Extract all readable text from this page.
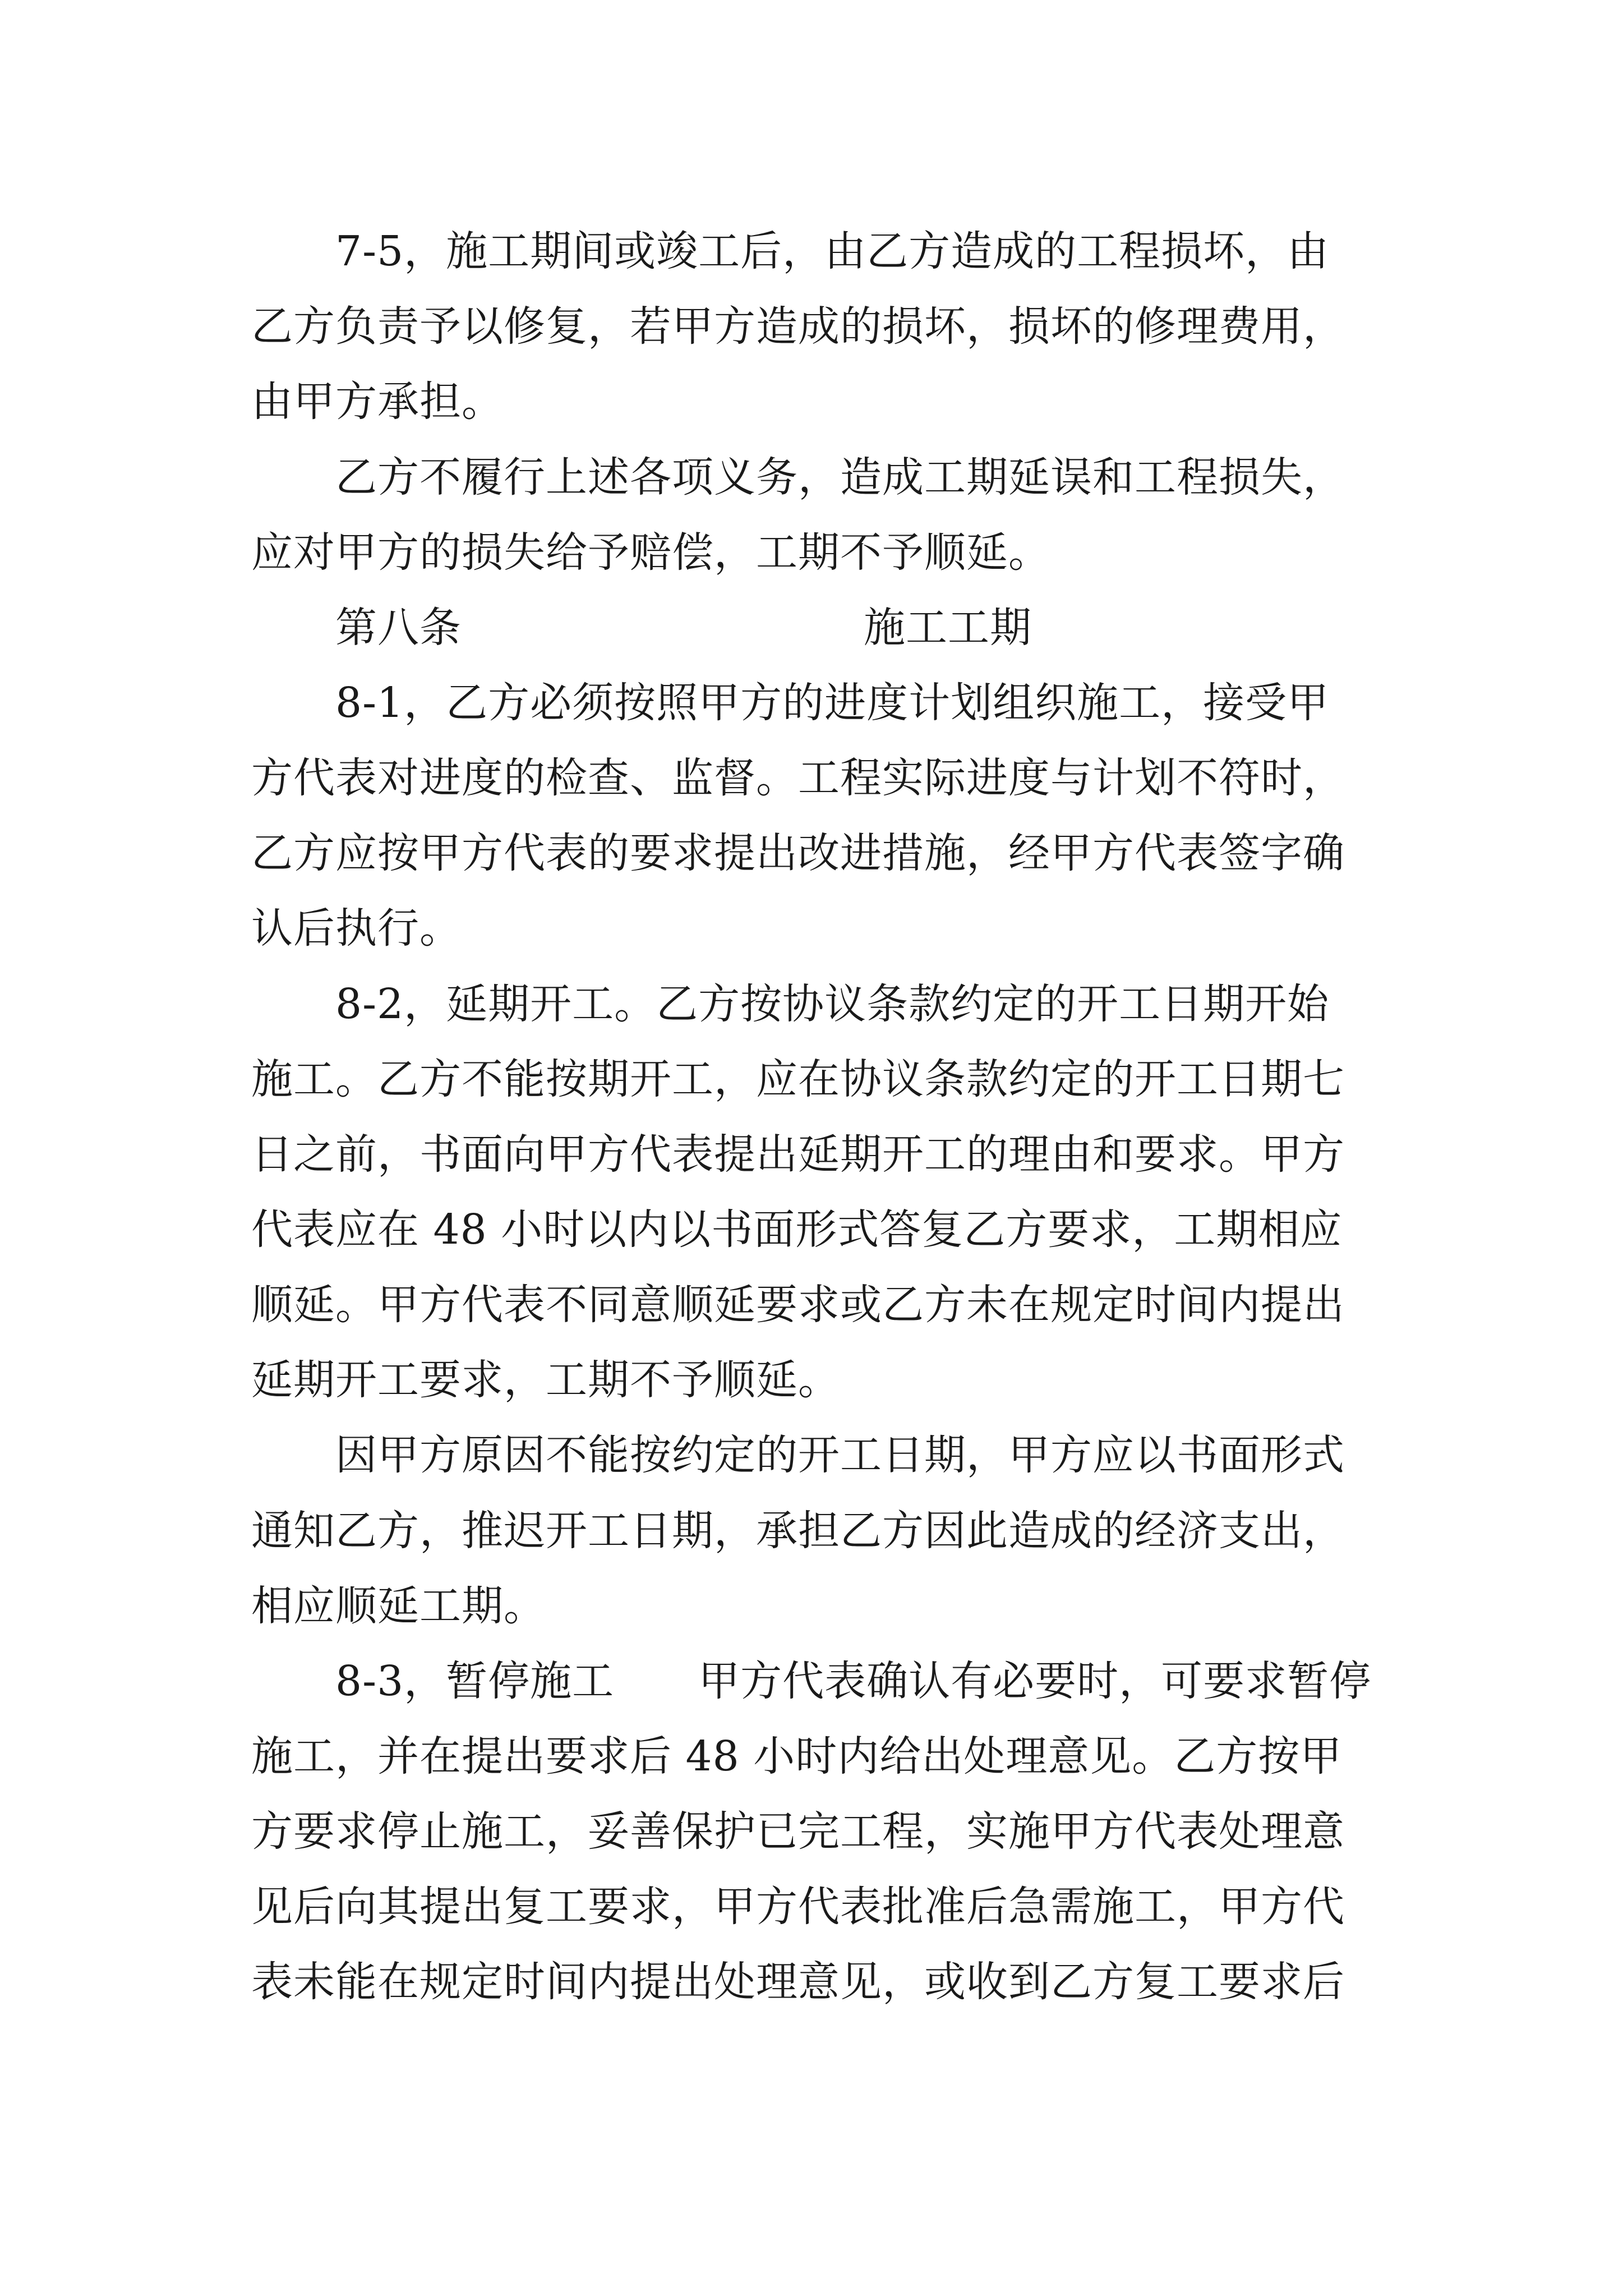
7-5，施工期间或竣工后，由乙方造成的工程损坏，由

乙方负责予以修复，若甲方造成的损坏，损坏的修理费用，

由甲方承担。

乙方不履行上述各项义务，造成工期延误和工程损失，

应对甲方的损失给予赔偿，工期不予顺延。

第八条	施工工期

8-1，乙方必须按照甲方的进度计划组织施工，接受甲

方代表对进度的检查、监督。工程实际进度与计划不符时，

乙方应按甲方代表的要求提出改进措施，经甲方代表签字确

认后执行。

8-2，延期开工。乙方按协议条款约定的开工日期开始

施工。乙方不能按期开工，应在协议条款约定的开工日期七

日之前，书面向甲方代表提出延期开工的理由和要求。甲方

代表应在 48 小时以内以书面形式答复乙方要求，工期相应

顺延。甲方代表不同意顺延要求或乙方未在规定时间内提出

延期开工要求，工期不予顺延。

因甲方原因不能按约定的开工日期，甲方应以书面形式

通知乙方，推迟开工日期，承担乙方因此造成的经济支出，

相应顺延工期。

8-3，暂停施工　　甲方代表确认有必要时，可要求暂停

施工，并在提出要求后 48 小时内给出处理意见。乙方按甲

方要求停止施工，妥善保护已完工程，实施甲方代表处理意

见后向其提出复工要求，甲方代表批准后急需施工，甲方代

表未能在规定时间内提出处理意见，或收到乙方复工要求后
